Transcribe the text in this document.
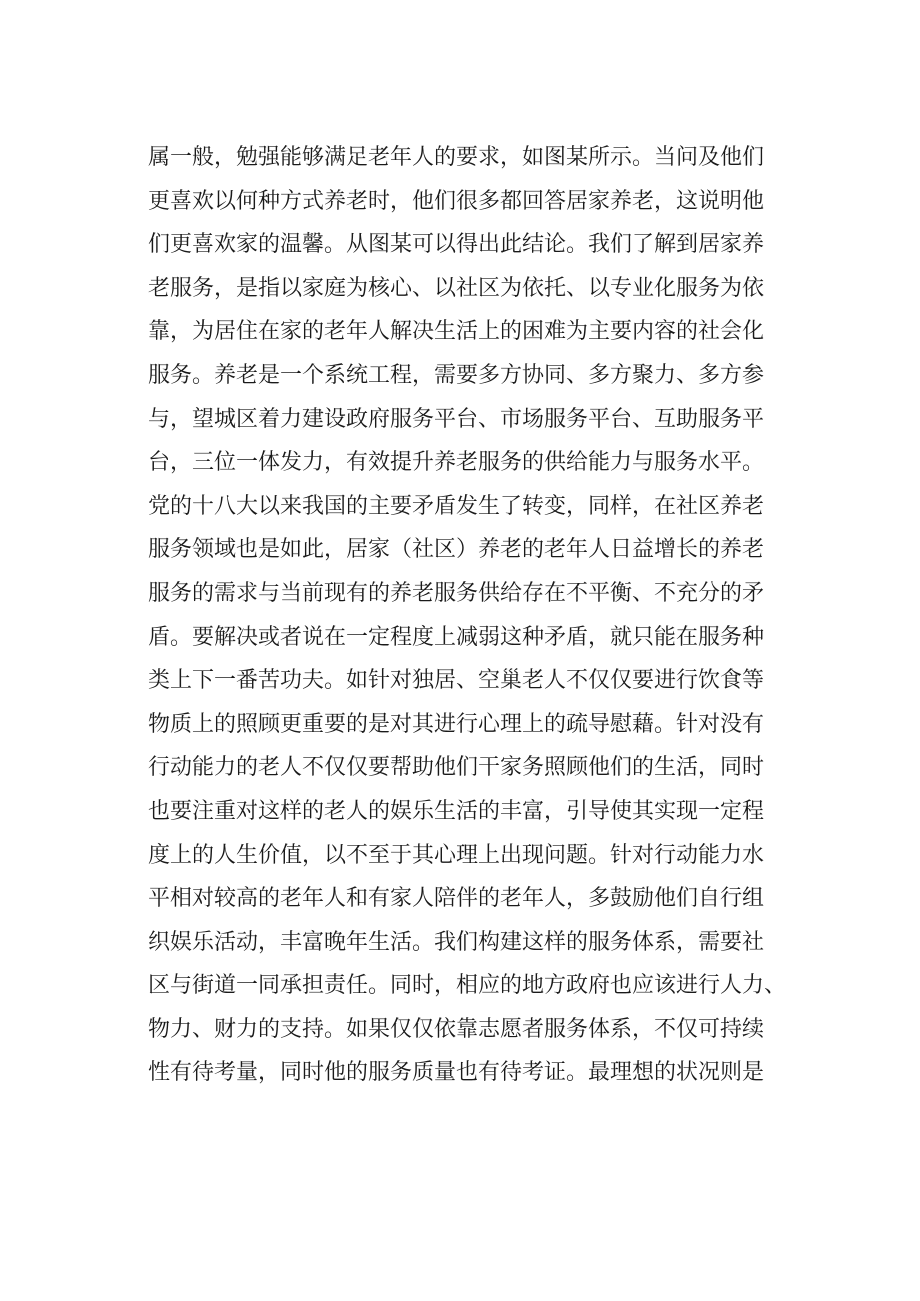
属一般，勉强能够满足老年人的要求，如图某所示。当问及他们
更喜欢以何种方式养老时，他们很多都回答居家养老，这说明他
们更喜欢家的温馨。从图某可以得出此结论。我们了解到居家养
老服务，是指以家庭为核心、以社区为依托、以专业化服务为依
靠，为居住在家的老年人解决生活上的困难为主要内容的社会化
服务。养老是一个系统工程，需要多方协同、多方聚力、多方参
与，望城区着力建设政府服务平台、市场服务平台、互助服务平
台，三位一体发力，有效提升养老服务的供给能力与服务水平。
党的十八大以来我国的主要矛盾发生了转变，同样，在社区养老
服务领域也是如此，居家（社区）养老的老年人日益增长的养老
服务的需求与当前现有的养老服务供给存在不平衡、不充分的矛
盾。要解决或者说在一定程度上减弱这种矛盾，就只能在服务种
类上下一番苦功夫。如针对独居、空巢老人不仅仅要进行饮食等
物质上的照顾更重要的是对其进行心理上的疏导慰藉。针对没有
行动能力的老人不仅仅要帮助他们干家务照顾他们的生活，同时
也要注重对这样的老人的娱乐生活的丰富，引导使其实现一定程
度上的人生价值，以不至于其心理上出现问题。针对行动能力水
平相对较高的老年人和有家人陪伴的老年人，多鼓励他们自行组
织娱乐活动，丰富晚年生活。我们构建这样的服务体系，需要社
区与街道一同承担责任。同时，相应的地方政府也应该进行人力、
物力、财力的支持。如果仅仅依靠志愿者服务体系，不仅可持续
性有待考量，同时他的服务质量也有待考证。最理想的状况则是
